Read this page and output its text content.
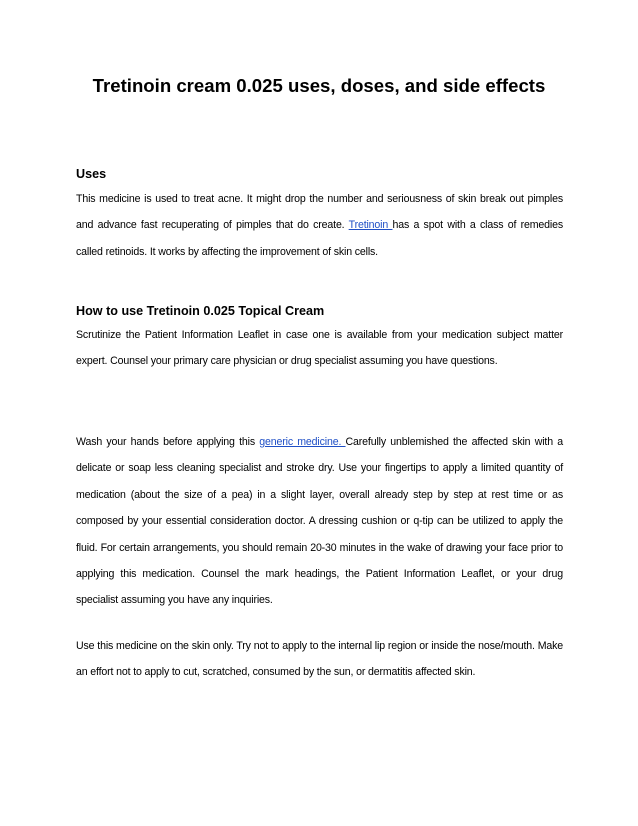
Tretinoin cream 0.025 uses, doses, and side effects
Uses

This medicine is used to treat acne. It might drop the number and seriousness of skin break out pimples and advance fast recuperating of pimples that do create. Tretinoin has a spot with a class of remedies called retinoids. It works by affecting the improvement of skin cells.

How to use Tretinoin 0.025 Topical Cream

Scrutinize the Patient Information Leaflet in case one is available from your medication subject matter expert. Counsel your primary care physician or drug specialist assuming you have questions.

Wash your hands before applying this generic medicine. Carefully unblemished the affected skin with a delicate or soap less cleaning specialist and stroke dry. Use your fingertips to apply a limited quantity of medication (about the size of a pea) in a slight layer, overall already step by step at rest time or as composed by your essential consideration doctor. A dressing cushion or q-tip can be utilized to apply the fluid. For certain arrangements, you should remain 20-30 minutes in the wake of drawing your face prior to applying this medication. Counsel the mark headings, the Patient Information Leaflet, or your drug specialist assuming you have any inquiries.

Use this medicine on the skin only. Try not to apply to the internal lip region or inside the nose/mouth. Make an effort not to apply to cut, scratched, consumed by the sun, or dermatitis affected skin.
